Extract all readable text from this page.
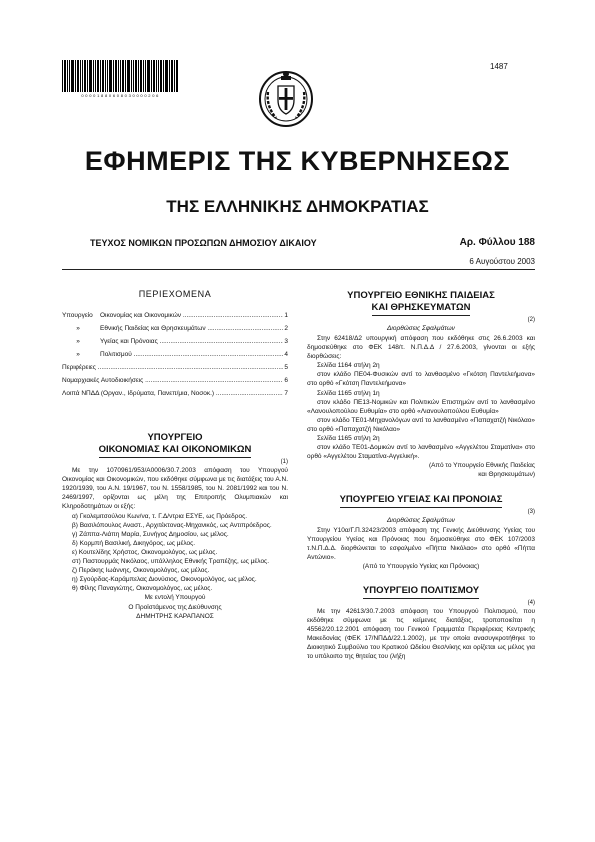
0 0 0 0 1 8 8 0 6 0 8 0 3 0 0 0 0 2 0 6
1487
ΕΦΗΜΕΡΙΣ ΤΗΣ ΚΥΒΕΡΝΗΣΕΩΣ
ΤΗΣ ΕΛΛΗΝΙΚΗΣ ΔΗΜΟΚΡΑΤΙΑΣ
ΤΕΥΧΟΣ ΝΟΜΙΚΩΝ ΠΡΟΣΩΠΩΝ ΔΗΜΟΣΙΟΥ ΔΙΚΑΙΟΥ	Αρ. Φύλλου 188
6 Αυγούστου 2003
ΠΕΡΙΕΧΟΜΕΝΑ
Υπουργείο	Οικονομίας και Οικονομικών .....	1
»	Εθνικής Παιδείας και Θρησκευμάτων .....	2
»	Υγείας και Πρόνοιας .....	3
»	Πολιτισμού .....	4
Περιφέρειες .....	5
Νομαρχιακές Αυτοδιοικήσεις .....	6
Λοιπά ΝΠΔΔ (Οργαν., Ιδρύματα, Πανεπ/μια, Νοσοκ.) .....	7
ΥΠΟΥΡΓΕΙΟ
ΟΙΚΟΝΟΜΙΑΣ ΚΑΙ ΟΙΚΟΝΟΜΙΚΩΝ
(1)

Με την 1070961/953/Α0006/30.7.2003 απόφαση του Υπουργού Οικονομίας και Οικονομικών, που εκδόθηκε σύμφωνα με τις διατάξεις του Α.Ν. 1920/1939, του Α.Ν. 19/1967, του Ν. 1558/1985, του Ν. 2081/1992 και του Ν. 2469/1997, ορίζονται ως μέλη της Επιτροπής Ολυμπιακών και Κληροδοτημάτων οι εξής:

α) Γκολεμιτσούλου Κων/να, τ. Γ.Δ/ντρια ΕΣΥΕ, ως Πρόεδρος.

β) Βασιλόπουλος Αναστ., Αρχιτέκτονας-Μηχανικός, ως Αντιπρόεδρος.

γ) Ζάππα-Λιάπη Μαρία, Συνήγος Δημοσίου, ως μέλος.

δ) Κορμπή Βασιλική, Δικηγόρος, ως μέλος.

ε) Κουτελίδης Χρήστος, Οικονομολόγος, ως μέλος.

στ) Παστουρμάς Νικόλαος, υπάλληλος Εθνικής Τραπέζης, ως μέλος.

ζ) Περάκης Ιωάννης, Οικονομολόγος, ως μέλος.

η) Σγούρδας-Καράμπελας Διονύσιος, Οικονομολόγος, ως μέλος.

θ) Φίλης Παναγιώτης, Οικονομολόγος, ως μέλος.

Με εντολή Υπουργού

Ο Προϊστάμενος της Διεύθυνσης

ΔΗΜΗΤΡΗΣ ΚΑΡΑΠΑΝΟΣ

ΥΠΟΥΡΓΕΙΟ ΕΘΝΙΚΗΣ ΠΑΙΔΕΙΑΣ
ΚΑΙ ΘΡΗΣΚΕΥΜΑΤΩΝ
(2)
Διορθώσεις Σφαλμάτων

Στην 62418/Δ2 υπουργική απόφαση που εκδόθηκε στις 26.6.2003 και δημοσιεύθηκε στο ΦΕΚ 148/τ. Ν.Π.Δ.Δ / 27.6.2003, γίνονται οι εξής διορθώσεις:

Σελίδα 1164 στήλη 2η

στον κλάδο ΠΕ04-Φυσικών αντί το λανθασμένο «Γκότση Παντελεήμονα» στο ορθό «Γκότση Παντελεήμονα»

Σελίδα 1165 στήλη 1η

στον κλάδο ΠΕ13-Νομικών και Πολιτικών Επιστημών αντί το λανθασμένο «Λανουλοπούλου Ευθυμία» στο ορθό «Λιανουλοπούλου Ευθυμία»

στον κλάδο ΤΕ01-Μηχανολόγων αντί το λανθασμένο «Παπαχατζή Νικόλαο» στο ορθό «Παπαχατζή Νικόλαο»

Σελίδα 1165 στήλη 2η

στον κλάδο ΤΕ01-Δομικών αντί το λανθασμένο «Αγγελέτου Σταματίνα» στο ορθό «Αγγελέτου Σταματίνα-Αγγελική».

(Από το Υπουργείο Εθνικής Παιδείας

και Θρησκευμάτων)

ΥΠΟΥΡΓΕΙΟ ΥΓΕΙΑΣ ΚΑΙ ΠΡΟΝΟΙΑΣ
(3)
Διορθώσεις Σφαλμάτων

Στην Υ10α/Γ.Π.32423/2003 απόφαση της Γενικής Διεύθυνσης Υγείας του Υπουργείου Υγείας και Πρόνοιας που δημοσιεύθηκε στο ΦΕΚ 107/2003 τ.Ν.Π.Δ.Δ. διορθώνεται το εσφαλμένο «Πήττα Νικόλαο» στο ορθό «Πήττα Αντώνιο».

(Από το Υπουργείο Υγείας και Πρόνοιας)

ΥΠΟΥΡΓΕΙΟ ΠΟΛΙΤΙΣΜΟΥ
(4)

Με την 42613/30.7.2003 απόφαση του Υπουργού Πολιτισμού, που εκδόθηκε σύμφωνα με τις κείμενες διατάξεις, τροποποιείται η 45562/20.12.2001 απόφαση του Γενικού Γραμματέα Περιφέρειας Κεντρικής Μακεδονίας (ΦΕΚ 17/ΝΠΔΔ/22.1.2002), με την οποία ανασυγκροτήθηκε το Διοικητικό Συμβούλιο του Κρατικού Ωδείου Θεσ/νίκης και ορίζεται ως μέλος για το υπόλοιπο της θητείας του (λήξη
